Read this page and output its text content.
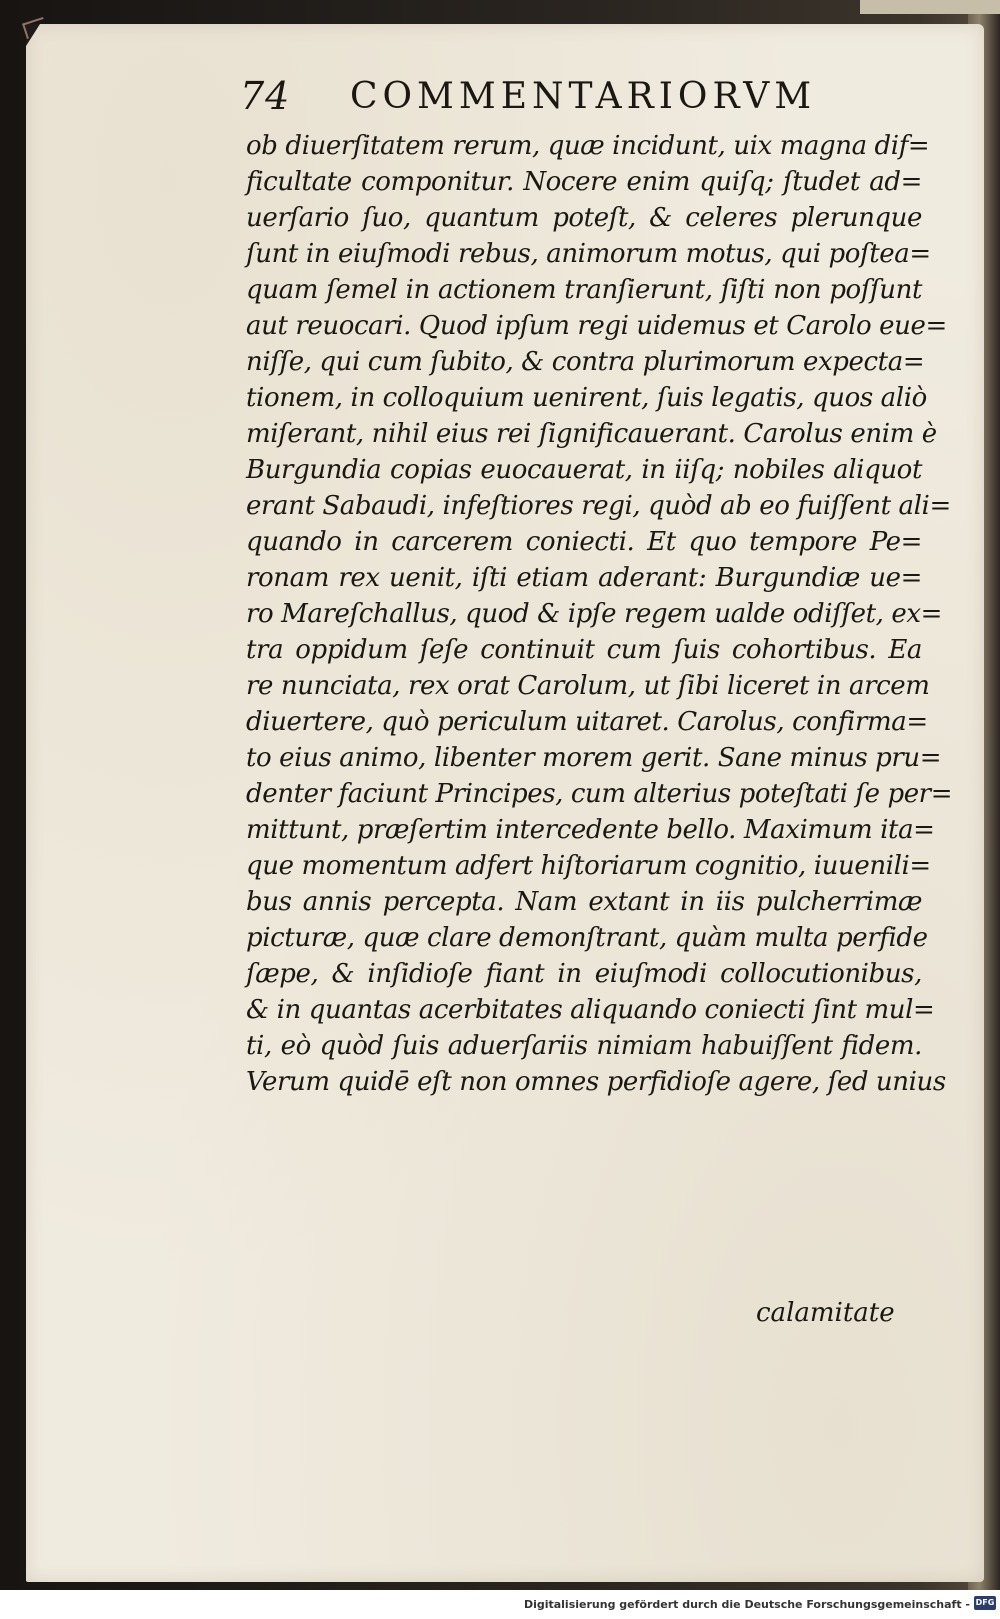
74 COMMENTARIORVM
ob diuerſitatem rerum, quæ incidunt, uix magna dif=
ficultate componitur. Nocere enim quiſq; ſtudet ad=
uerſario ſuo, quantum poteſt, & celeres plerunque
ſunt in eiuſmodi rebus, animorum motus, qui poſtea=
quam ſemel in actionem tranſierunt, ſiſti non poſſunt
aut reuocari. Quod ipſum regi uidemus et Carolo eue=
niſſe, qui cum ſubito, & contra plurimorum expecta=
tionem, in colloquium uenirent, ſuis legatis, quos aliò
miſerant, nihil eius rei ſignificauerant. Carolus enim è
Burgundia copias euocauerat, in iiſq; nobiles aliquot
erant Sabaudi, infeſtiores regi, quòd ab eo fuiſſent ali=
quando in carcerem coniecti. Et quo tempore Pe=
ronam rex uenit, iſti etiam aderant: Burgundiæ ue=
ro Mareſchallus, quod & ipſe regem ualde odiſſet, ex=
tra oppidum ſeſe continuit cum ſuis cohortibus. Ea
re nunciata, rex orat Carolum, ut ſibi liceret in arcem
diuertere, quò periculum uitaret. Carolus, confirma=
to eius animo, libenter morem gerit. Sane minus pru=
denter faciunt Principes, cum alterius poteſtati ſe per=
mittunt, præſertim intercedente bello. Maximum ita=
que momentum adfert hiſtoriarum cognitio, iuuenili=
bus annis percepta. Nam extant in iis pulcherrimæ
picturæ, quæ clare demonſtrant, quàm multa perfide
ſæpe, & inſidioſe fiant in eiuſmodi collocutionibus,
& in quantas acerbitates aliquando coniecti ſint mul=
ti, eò quòd ſuis aduerſariis nimiam habuiſſent fidem.
Verum quidē eſt non omnes perfidioſe agere, ſed unius
calamitate
Digitalisierung gefördert durch die Deutsche Forschungsgemeinschaft - DFG
